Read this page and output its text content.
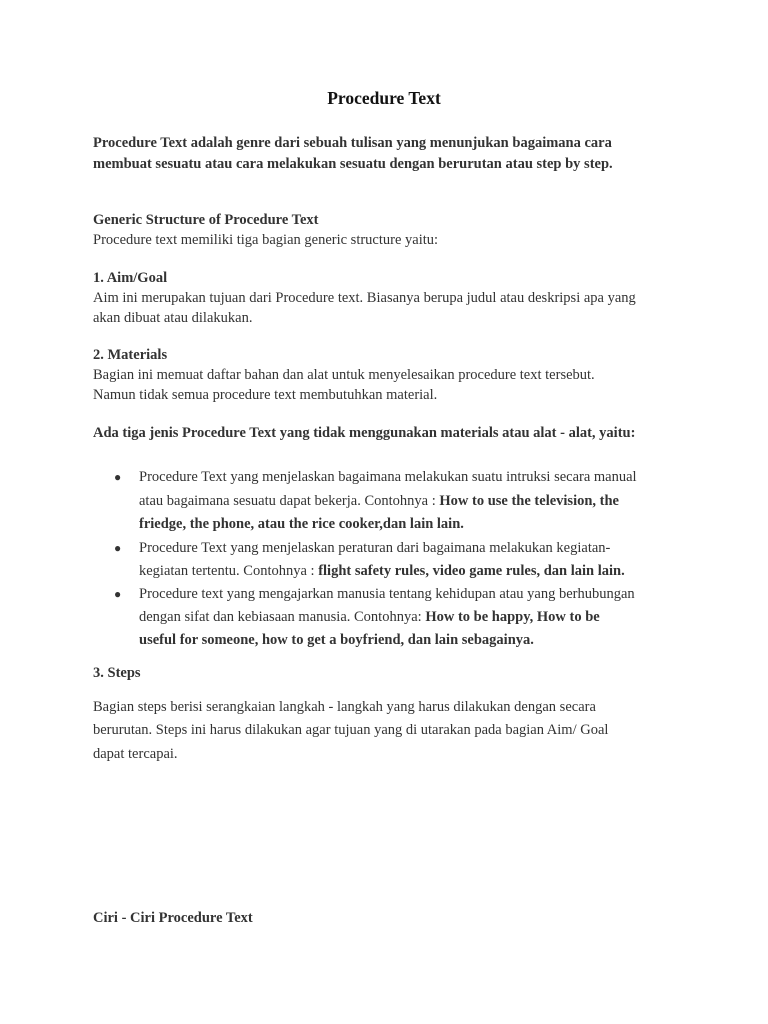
Procedure Text

Procedure Text adalah genre dari sebuah tulisan yang menunjukan bagaimana cara

membuat sesuatu atau cara melakukan sesuatu dengan berurutan atau step by step.

Generic Structure of Procedure Text

Procedure text memiliki tiga bagian generic structure yaitu:

1. Aim/Goal

Aim ini merupakan tujuan dari Procedure text. Biasanya berupa judul atau deskripsi apa yang

akan dibuat atau dilakukan.

2. Materials

Bagian ini memuat daftar bahan dan alat untuk menyelesaikan procedure text tersebut.

Namun tidak semua procedure text membutuhkan material.

Ada tiga jenis Procedure Text yang tidak menggunakan materials atau alat - alat, yaitu:

● Procedure Text yang menjelaskan bagaimana melakukan suatu intruksi secara manual

atau bagaimana sesuatu dapat bekerja. Contohnya : How to use the television, the

friedge, the phone, atau the rice cooker,dan lain lain.

● Procedure Text yang menjelaskan peraturan dari bagaimana melakukan kegiatan-

kegiatan tertentu. Contohnya : flight safety rules, video game rules, dan lain lain.

● Procedure text yang mengajarkan manusia tentang kehidupan atau yang berhubungan

dengan sifat dan kebiasaan manusia. Contohnya: How to be happy, How to be

useful for someone, how to get a boyfriend, dan lain sebagainya.

3. Steps

Bagian steps berisi serangkaian langkah - langkah yang harus dilakukan dengan secara

berurutan. Steps ini harus dilakukan agar tujuan yang di utarakan pada bagian Aim/ Goal

dapat tercapai.

Ciri - Ciri Procedure Text
